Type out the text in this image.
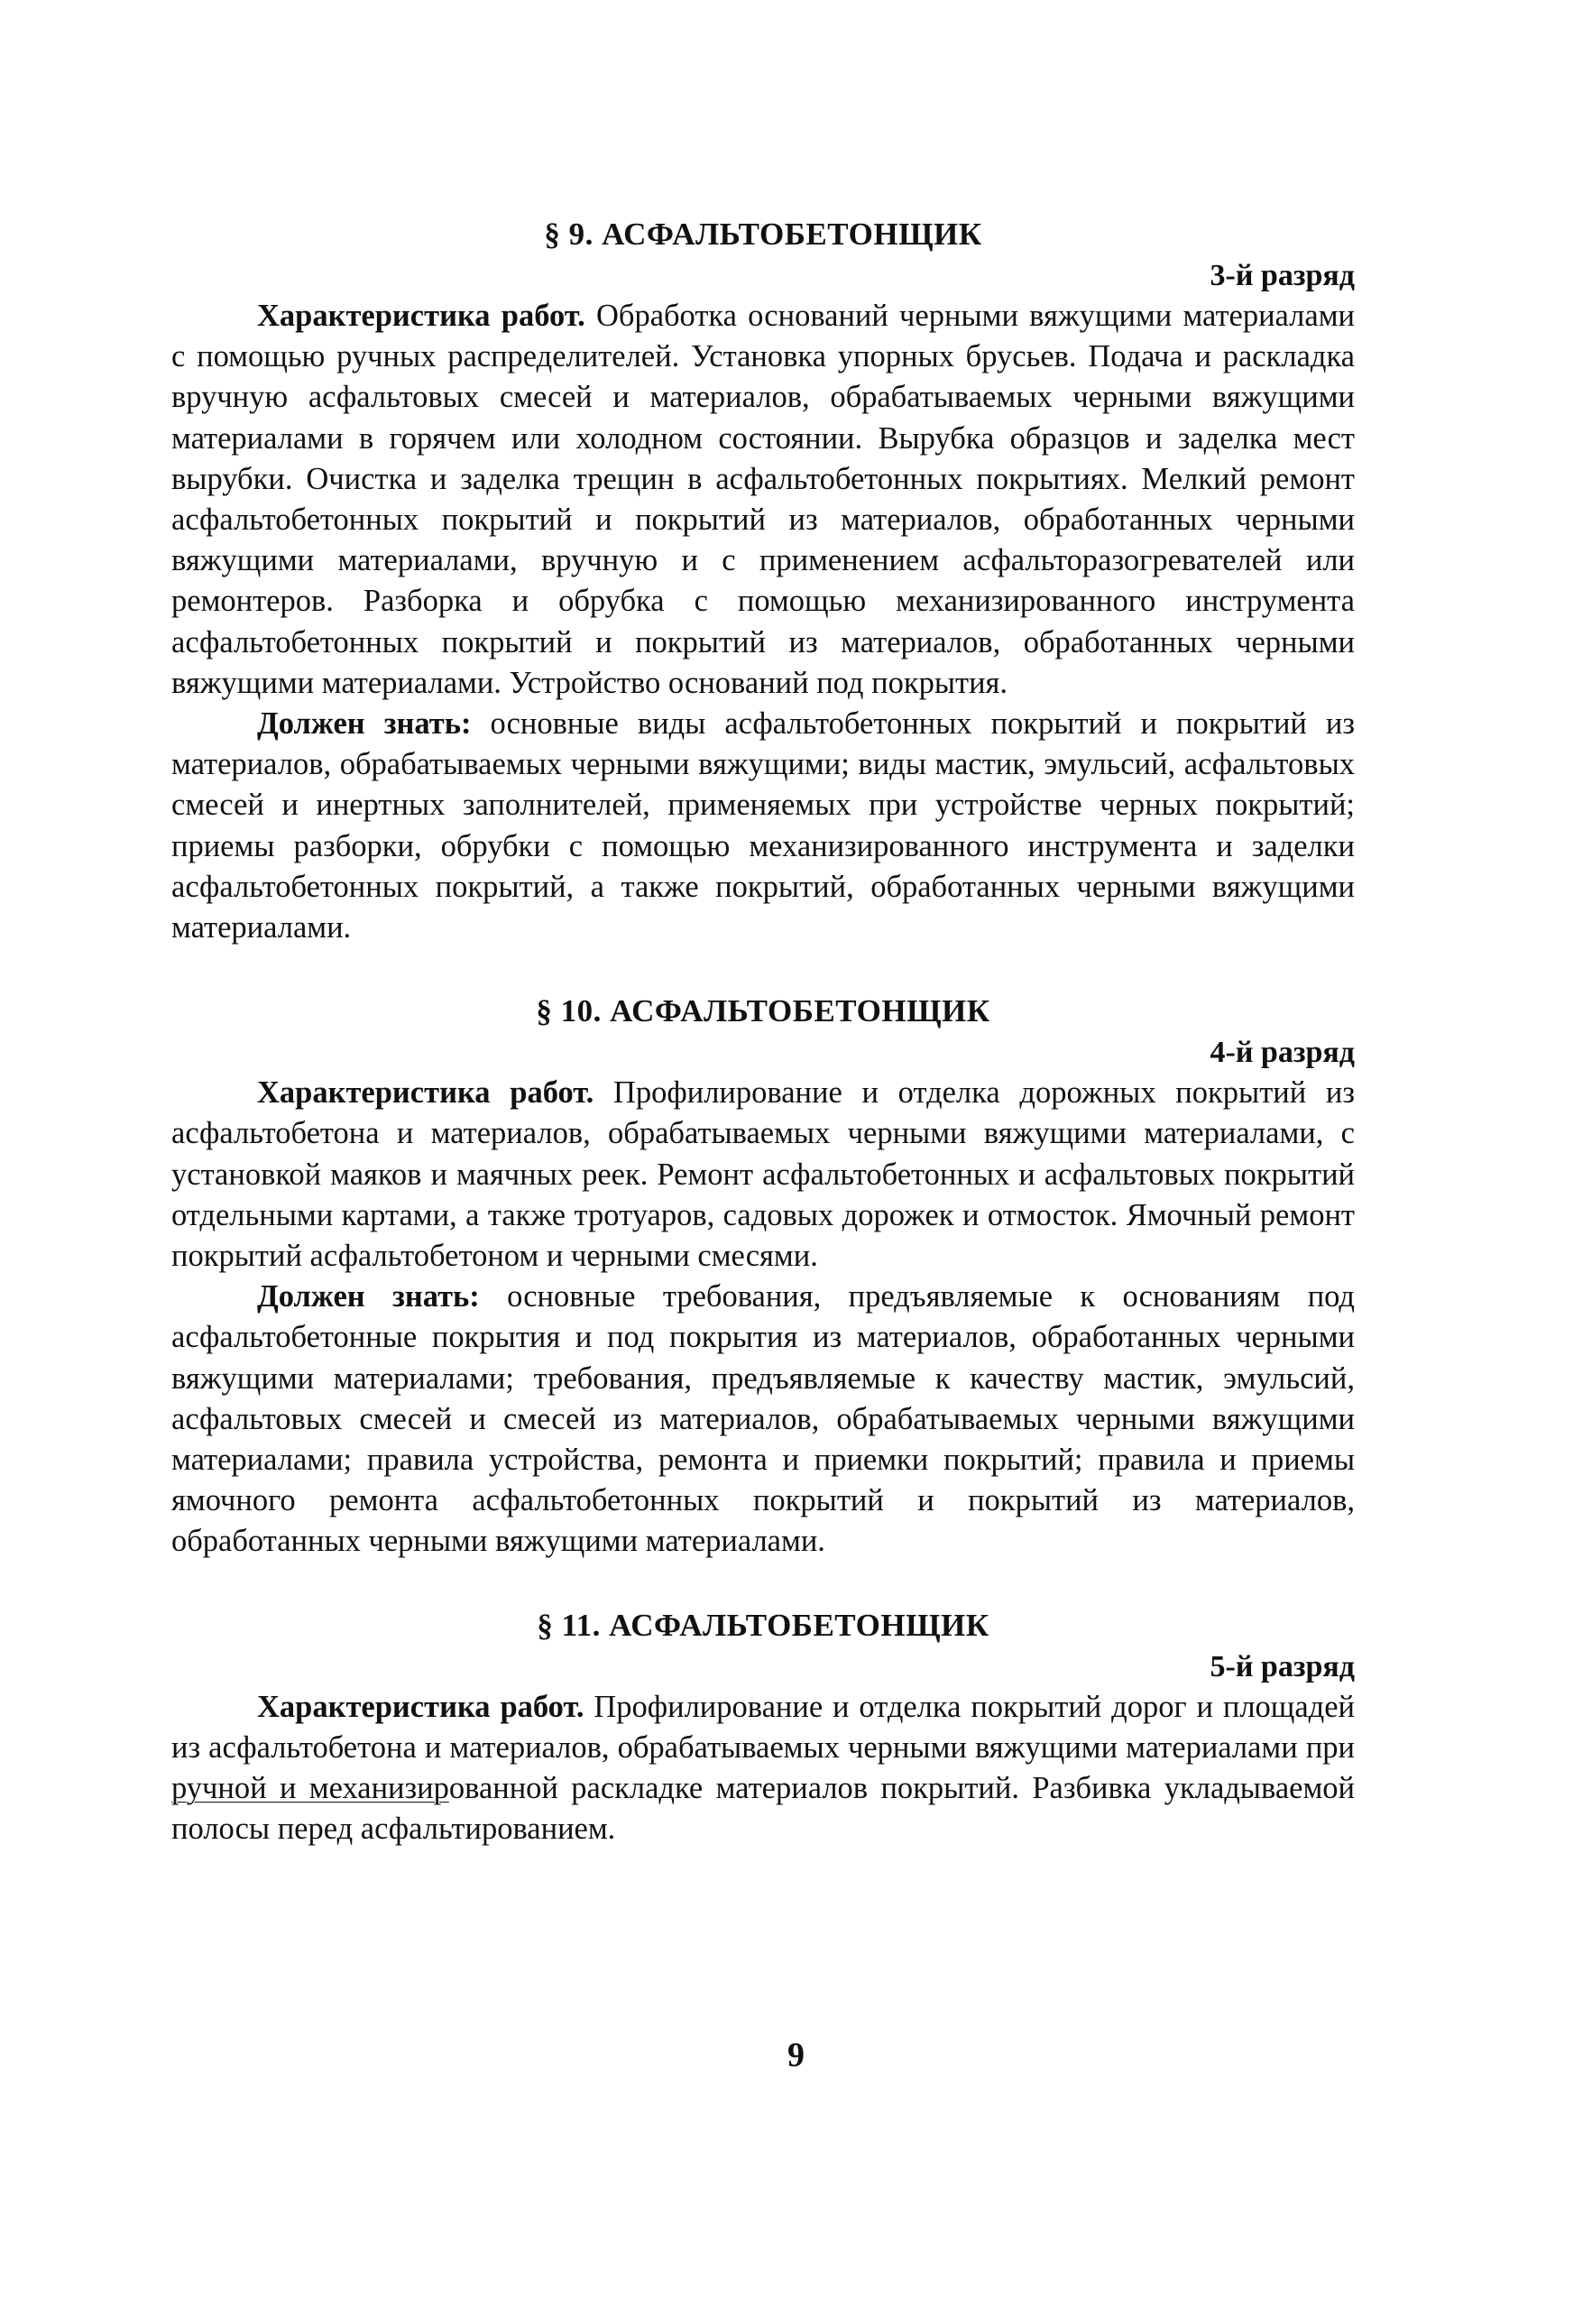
§ 9. АСФАЛЬТОБЕТОНЩИК

3-й разряд

Характеристика работ. Обработка оснований черными вяжущими материалами с помощью ручных распределителей. Установка упорных брусьев. Подача и раскладка вручную асфальтовых смесей и материалов, обрабатываемых черными вяжущими материалами в горячем или холодном состоянии. Вырубка образцов и заделка мест вырубки. Очистка и заделка трещин в асфальтобетонных покрытиях. Мелкий ремонт асфальтобетонных покрытий и покрытий из материалов, обработанных черными вяжущими материалами, вручную и с применением асфальторазогревателей или ремонтеров. Разборка и обрубка с помощью механизированного инструмента асфальтобетонных покрытий и покрытий из материалов, обработанных черными вяжущими материалами. Устройство оснований под покрытия.

Должен знать: основные виды асфальтобетонных покрытий и покрытий из материалов, обрабатываемых черными вяжущими; виды мастик, эмульсий, асфальтовых смесей и инертных заполнителей, применяемых при устройстве черных покрытий; приемы разборки, обрубки с помощью механизированного инструмента и заделки асфальтобетонных покрытий, а также покрытий, обработанных черными вяжущими материалами.

§ 10. АСФАЛЬТОБЕТОНЩИК

4-й разряд

Характеристика работ. Профилирование и отделка дорожных покрытий из асфальтобетона и материалов, обрабатываемых черными вяжущими материалами, с установкой маяков и маячных реек. Ремонт асфальтобетонных и асфальтовых покрытий отдельными картами, а также тротуаров, садовых дорожек и отмосток. Ямочный ремонт покрытий асфальтобетоном и черными смесями.

Должен знать: основные требования, предъявляемые к основаниям под асфальтобетонные покрытия и под покрытия из материалов, обработанных черными вяжущими материалами; требования, предъявляемые к качеству мастик, эмульсий, асфальтовых смесей и смесей из материалов, обрабатываемых черными вяжущими материалами; правила устройства, ремонта и приемки покрытий; правила и приемы ямочного ремонта асфальтобетонных покрытий и покрытий из материалов, обработанных черными вяжущими материалами.

§ 11. АСФАЛЬТОБЕТОНЩИК

5-й разряд

Характеристика работ. Профилирование и отделка покрытий дорог и площадей из асфальтобетона и материалов, обрабатываемых черными вяжущими материалами при ручной и механизированной раскладке материалов покрытий. Разбивка укладываемой полосы перед асфальтированием.

9
